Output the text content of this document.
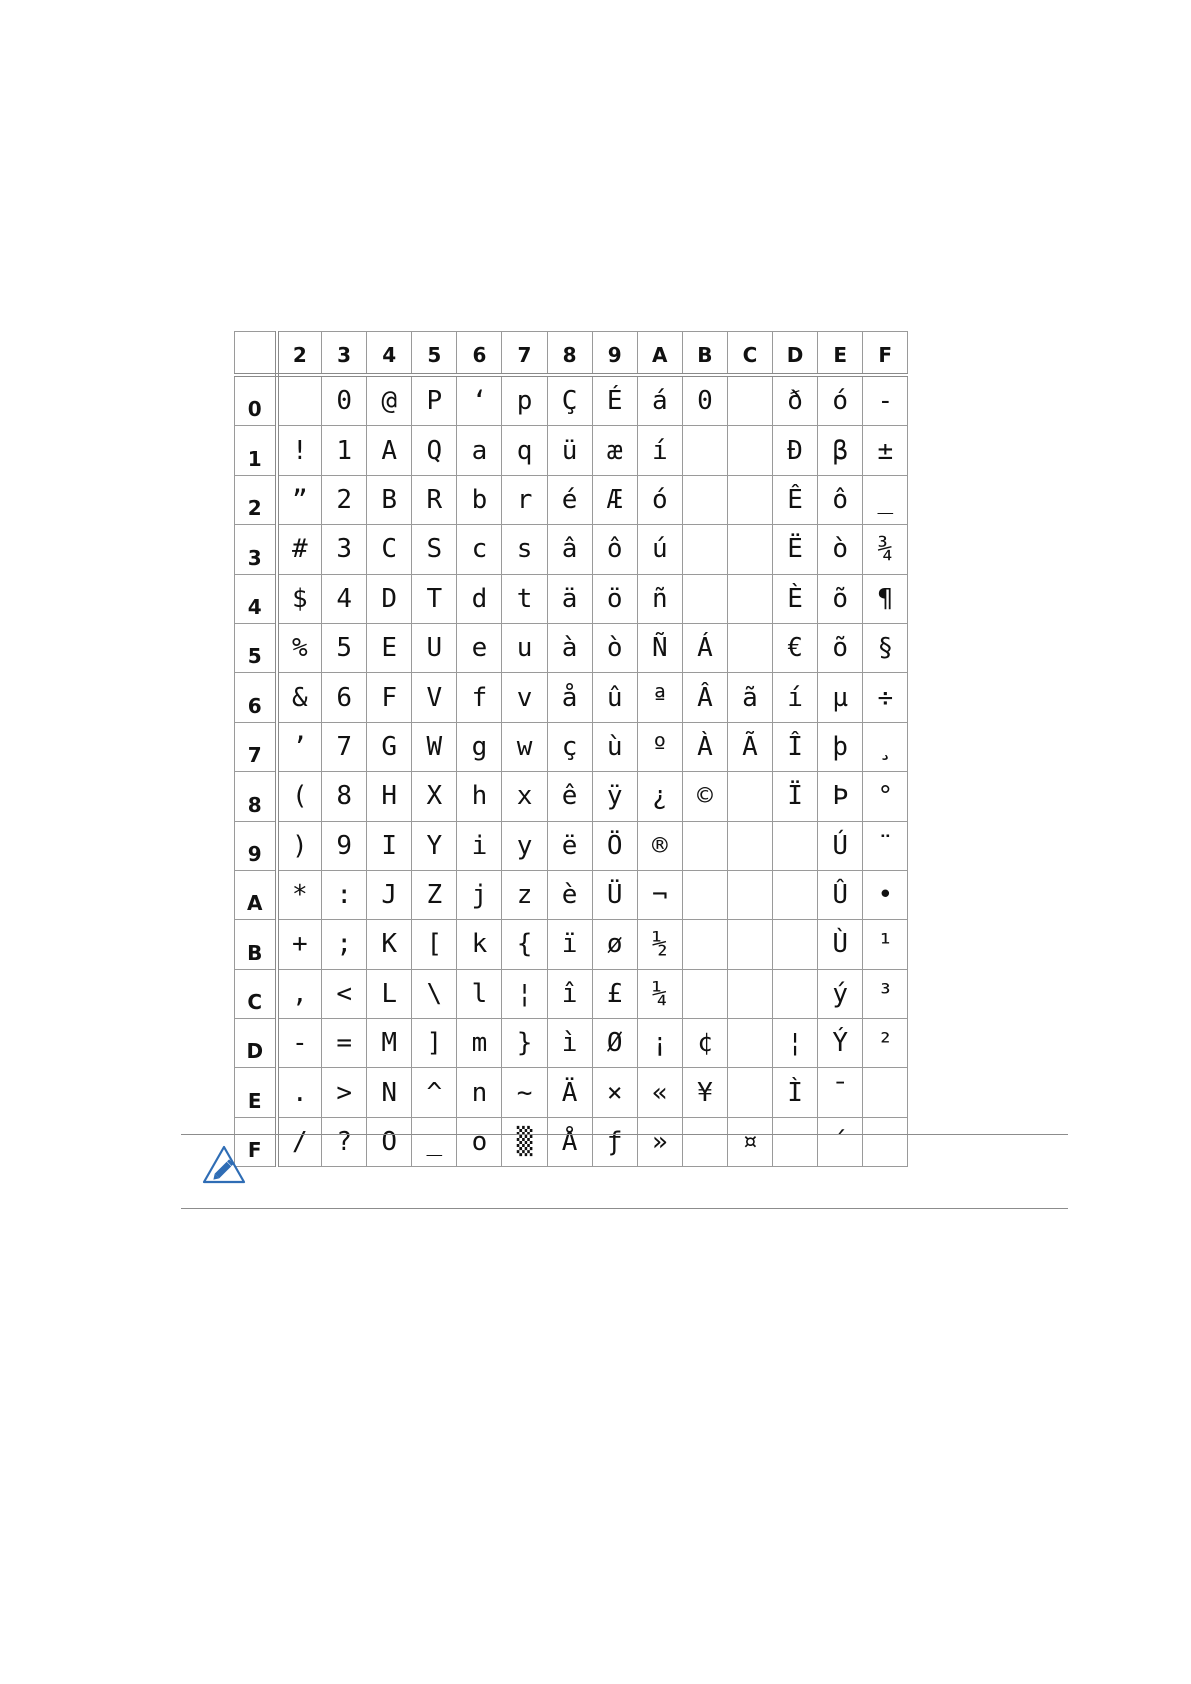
	2	3	4	5	6	7	8	9	A	B	C	D	E	F
0		0	@	P	‘	p	Ç	É	á	0		ð	ó	-
1	!	1	A	Q	a	q	ü	æ	í			Đ	β	±
2	”	2	B	R	b	r	é	Æ	ó			Ê	ô	_
3	#	3	C	S	c	s	â	ô	ú			Ë	ò	¾
4	$	4	D	T	d	t	ä	ö	ñ			È	õ	¶
5	%	5	E	U	e	u	à	ò	Ñ	Á		€	õ	§
6	&	6	F	V	f	v	å	û	ª	Â	ã	í	µ	÷
7	’	7	G	W	g	w	ç	ù	º	À	Ã	Î	þ	¸
8	(	8	H	X	h	x	ê	ÿ	¿	©		Ï	Þ	°
9	)	9	I	Y	i	y	ë	Ö	®				Ú	¨
A	*	:	J	Z	j	z	è	Ü	¬				Û	•
B	+	;	K	[	k	{	ï	ø	½				Ù	¹
C	,	<	L	\	l	¦	î	£	¼				ý	³
D	-	=	M	]	m	}	ì	Ø	¡	¢		¦	Ý	²
E	.	>	N	^	n	~	Ä	×	«	¥		Ì	¯	
F	/	?	O	_	o	▒	Å	ƒ	»		¤		´	
